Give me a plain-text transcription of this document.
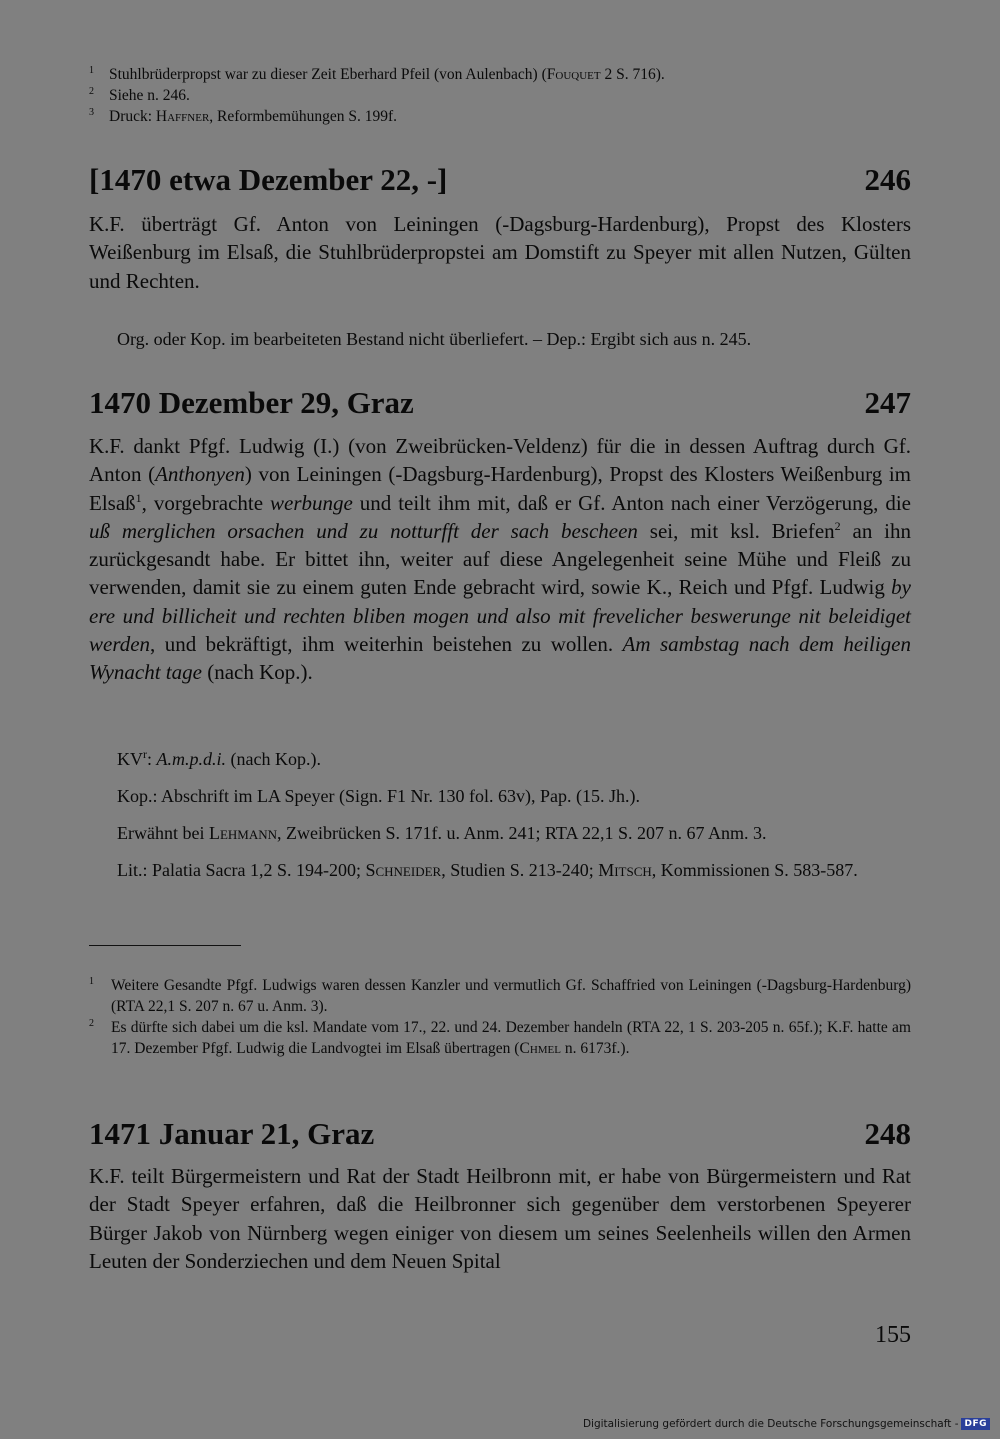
1 Stuhlbrüderpropst war zu dieser Zeit Eberhard Pfeil (von Aulenbach) (Fouquet 2 S. 716).
2 Siehe n. 246.
3 Druck: Haffner, Reformbemühungen S. 199f.
[1470 etwa Dezember 22, -]	246
K.F. überträgt Gf. Anton von Leiningen (-Dagsburg-Hardenburg), Propst des Klosters Weißenburg im Elsaß, die Stuhlbrüderpropstei am Domstift zu Speyer mit allen Nutzen, Gülten und Rechten.
Org. oder Kop. im bearbeiteten Bestand nicht überliefert. – Dep.: Ergibt sich aus n. 245.
1470 Dezember 29, Graz	247
K.F. dankt Pfgf. Ludwig (I.) (von Zweibrücken-Veldenz) für die in dessen Auftrag durch Gf. Anton (Anthonyen) von Leiningen (-Dagsburg-Hardenburg), Propst des Klosters Weißenburg im Elsaß$^1$, vorgebrachte werbunge und teilt ihm mit, daß er Gf. Anton nach einer Verzögerung, die uß merglichen orsachen und zu notturfft der sach bescheen sei, mit ksl. Briefen$^2$ an ihn zurückgesandt habe. Er bittet ihn, weiter auf diese Angelegenheit seine Mühe und Fleiß zu verwenden, damit sie zu einem guten Ende gebracht wird, sowie K., Reich und Pfgf. Ludwig by ere und billicheit und rechten bliben mogen und also mit frevelicher beswerunge nit beleidiget werden, und bekräftigt, ihm weiterhin beistehen zu wollen. Am sambstag nach dem heiligen Wynacht tage (nach Kop.).
$KV^r$: A.m.p.d.i. (nach Kop.).
Kop.: Abschrift im LA Speyer (Sign. F1 Nr. 130 fol. 63v), Pap. (15. Jh.).
Erwähnt bei Lehmann, Zweibrücken S. 171f. u. Anm. 241; RTA 22,1 S. 207 n. 67 Anm. 3.
Lit.: Palatia Sacra 1,2 S. 194-200; Schneider, Studien S. 213-240; Mitsch, Kommissionen S. 583-587.
1 Weitere Gesandte Pfgf. Ludwigs waren dessen Kanzler und vermutlich Gf. Schaffried von Leiningen (-Dagsburg-Hardenburg) (RTA 22,1 S. 207 n. 67 u. Anm. 3).
2 Es dürfte sich dabei um die ksl. Mandate vom 17., 22. und 24. Dezember handeln (RTA 22, 1 S. 203-205 n. 65f.); K.F. hatte am 17. Dezember Pfgf. Ludwig die Landvogtei im Elsaß übertragen (Chmel n. 6173f.).
1471 Januar 21, Graz	248
K.F. teilt Bürgermeistern und Rat der Stadt Heilbronn mit, er habe von Bürgermeistern und Rat der Stadt Speyer erfahren, daß die Heilbronner sich gegenüber dem verstorbenen Speyerer Bürger Jakob von Nürnberg wegen einiger von diesem um seines Seelenheils willen den Armen Leuten der Sonderziechen und dem Neuen Spital
155
Digitalisierung gefördert durch die Deutsche Forschungsgemeinschaft - DFG
